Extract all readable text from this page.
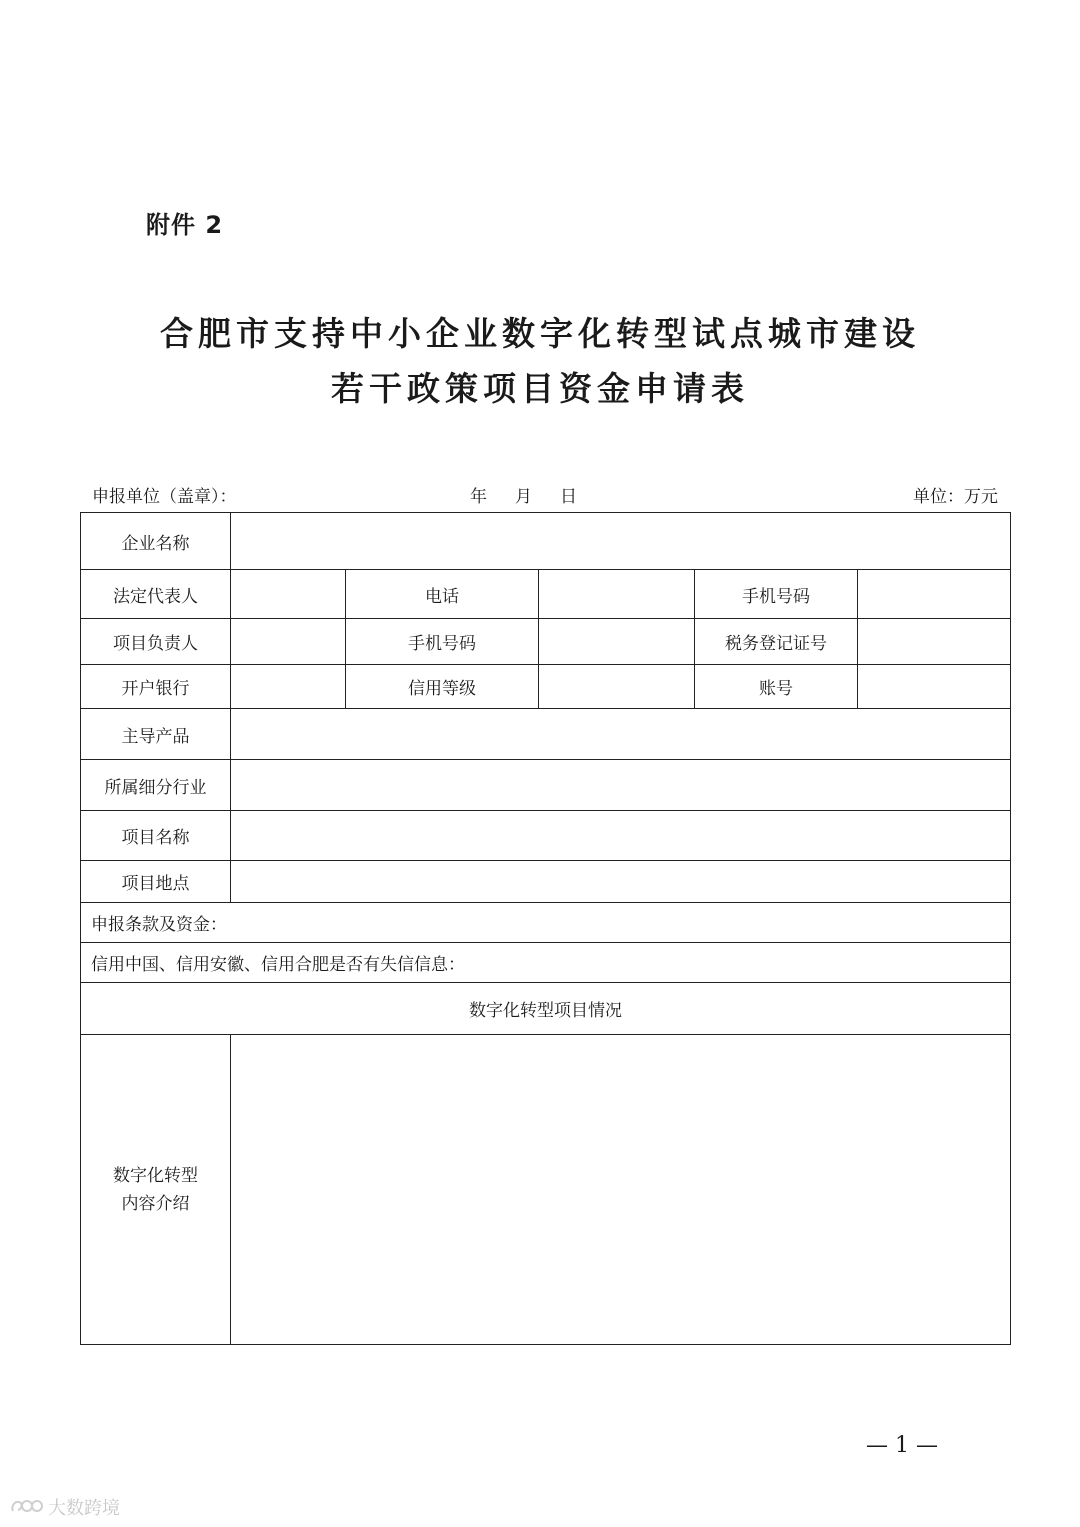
附件 2
合肥市支持中小企业数字化转型试点城市建设
若干政策项目资金申请表
申报单位（盖章）：	年 月 日	单位：万元
企业名称					
法定代表人		电话		手机号码	
项目负责人		手机号码		税务登记证号	
开户银行		信用等级		账号	
主导产品					
所属细分行业					
项目名称					
项目地点					
申报条款及资金：					
信用中国、信用安徽、信用合肥是否有失信信息：					
数字化转型项目情况					

数字化转型
内容介绍					

— 1 —
大数跨境
